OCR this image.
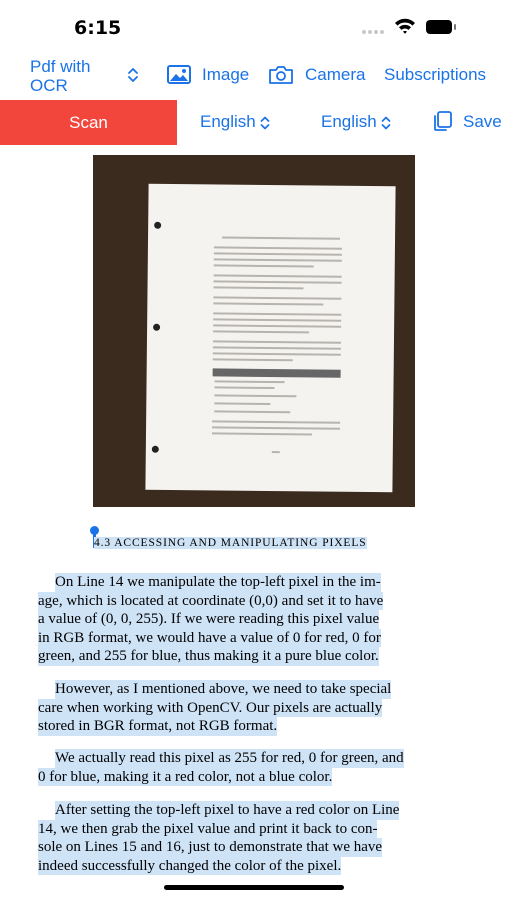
6:15
Pdf with OCR
Image	Camera Subscriptions
Scan	English	English	Save
4.3 ACCESSING AND MANIPULATING PIXELS
On Line 14 we manipulate the top-left pixel in the im-
age, which is located at coordinate (0,0) and set it to have
a value of (0, 0, 255). If we were reading this pixel value
in RGB format, we would have a value of 0 for red, 0 for
green, and 255 for blue, thus making it a pure blue color.
However, as I mentioned above, we need to take special
care when working with OpenCV. Our pixels are actually
stored in BGR format, not RGB format.
We actually read this pixel as 255 for red, 0 for green, and
0 for blue, making it a red color, not a blue color.
After setting the top-left pixel to have a red color on Line
14, we then grab the pixel value and print it back to con-
sole on Lines 15 and 16, just to demonstrate that we have
indeed successfully changed the color of the pixel.
